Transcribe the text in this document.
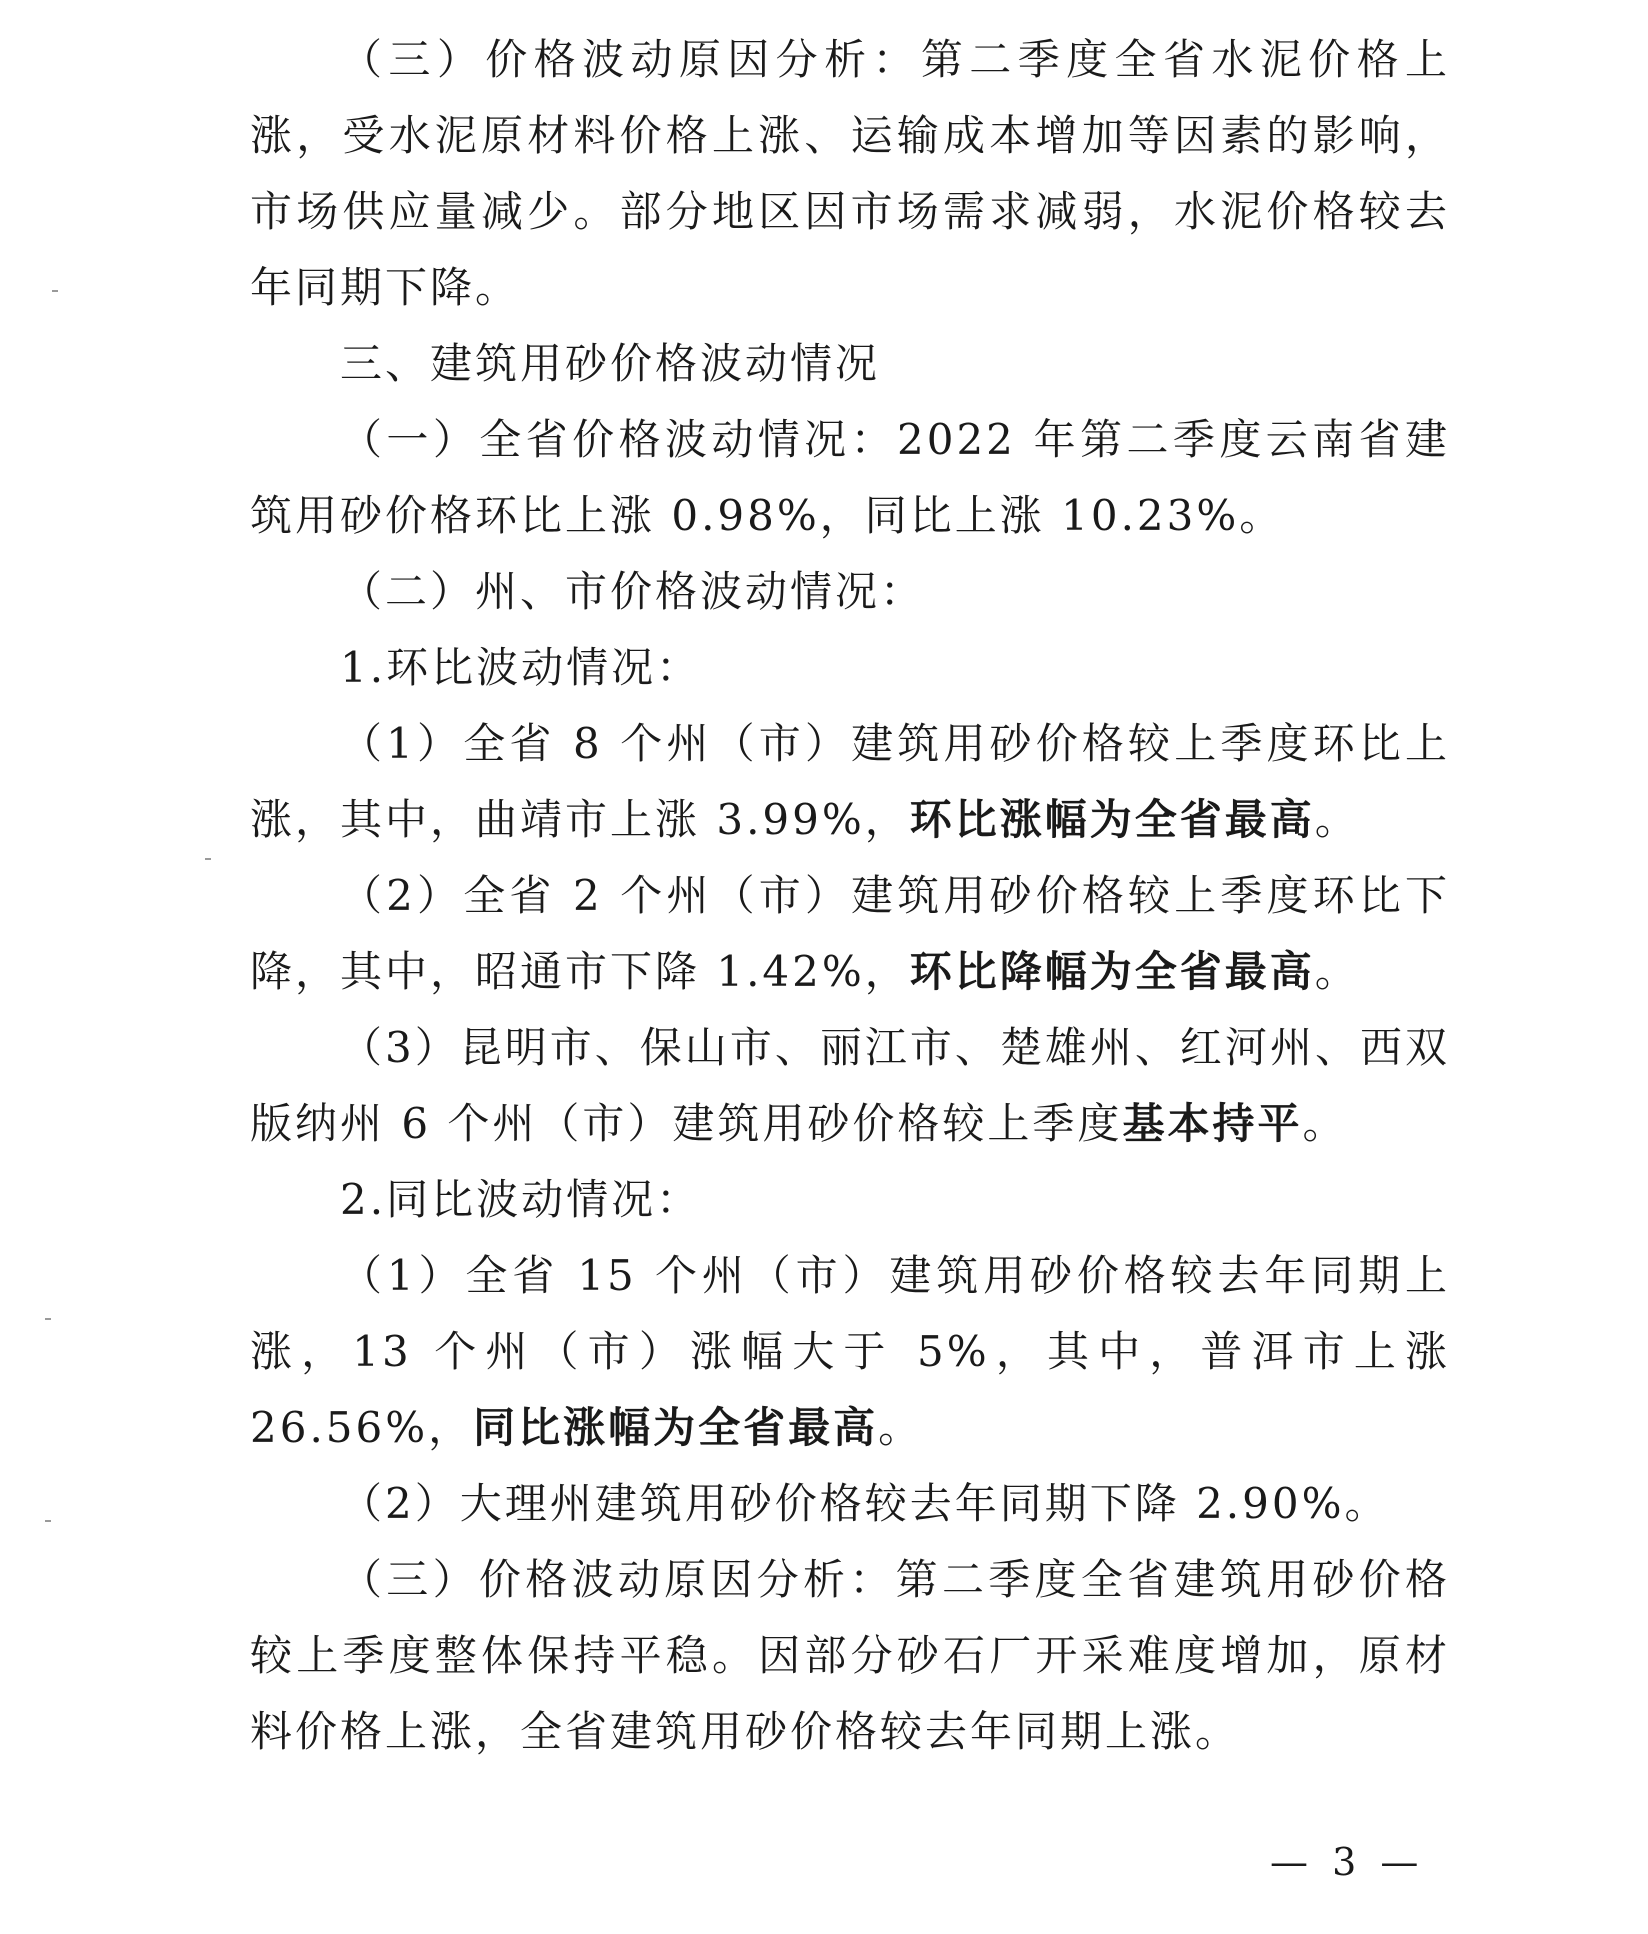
（三）价格波动原因分析：第二季度全省水泥价格上涨，受水泥原材料价格上涨、运输成本增加等因素的影响，市场供应量减少。部分地区因市场需求减弱，水泥价格较去年同期下降。

三、建筑用砂价格波动情况

（一）全省价格波动情况：2022 年第二季度云南省建筑用砂价格环比上涨 0.98%，同比上涨 10.23%。

（二）州、市价格波动情况：

1.环比波动情况：

（1）全省 8 个州（市）建筑用砂价格较上季度环比上涨，其中，曲靖市上涨 3.99%，环比涨幅为全省最高。

（2）全省 2 个州（市）建筑用砂价格较上季度环比下降，其中，昭通市下降 1.42%，环比降幅为全省最高。

（3）昆明市、保山市、丽江市、楚雄州、红河州、西双版纳州 6 个州（市）建筑用砂价格较上季度基本持平。

2.同比波动情况：

（1）全省 15 个州（市）建筑用砂价格较去年同期上涨，13 个州（市）涨幅大于 5%，其中，普洱市上涨 26.56%，同比涨幅为全省最高。

（2）大理州建筑用砂价格较去年同期下降 2.90%。

（三）价格波动原因分析：第二季度全省建筑用砂价格较上季度整体保持平稳。因部分砂石厂开采难度增加，原材料价格上涨，全省建筑用砂价格较去年同期上涨。

— 3 —
